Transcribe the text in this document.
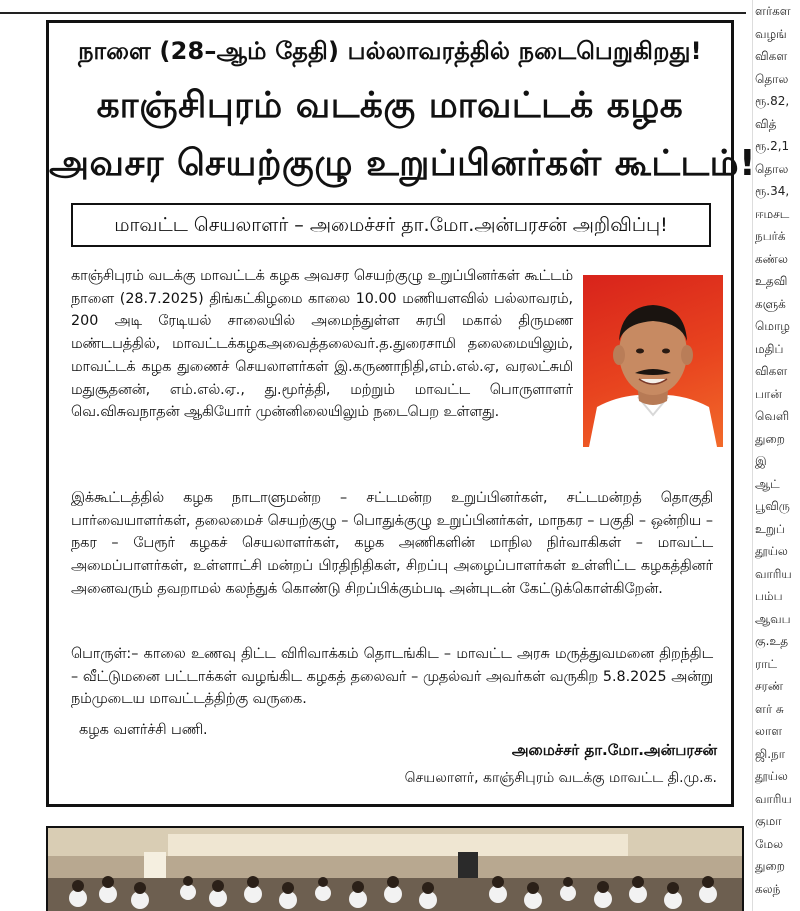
நாளை (28–ஆம் தேதி) பல்லாவரத்தில் நடைபெறுகிறது!
காஞ்சிபுரம் வடக்கு மாவட்டக் கழக
அவசர செயற்குழு உறுப்பினர்கள் கூட்டம்!
மாவட்ட செயலாளர் – அமைச்சர் தா.மோ.அன்பரசன் அறிவிப்பு!
காஞ்சிபுரம் வடக்கு மாவட்டக் கழக அவசர செயற்குழு உறுப்பினர்கள் கூட்டம் நாளை (28.7.2025) திங்கட்கிழமை காலை 10.00 மணியளவில் பல்லாவரம், 200 அடி ரேடியல் சாலையில் அமைந்துள்ள சுரபி மகால் திருமண மண்டபத்தில், மாவட்டக்கழகஅவைத்தலைவர்.த.துரைசாமி தலைமையிலும், மாவட்டக் கழக துணைச் செயலாளர்கள் இ.கருணாநிதி,எம்.எல்.ஏ, வரலட்சுமி மதுசூதனன், எம்.எல்.ஏ., து.மூர்த்தி, மற்றும் மாவட்ட பொருளாளர் வெ.விசுவநாதன் ஆகியோர் முன்னிலையிலும் நடைபெற உள்ளது.
இக்கூட்டத்தில் கழக நாடாளுமன்ற – சட்டமன்ற உறுப்பினர்கள், சட்டமன்றத் தொகுதி பார்வையாளர்கள், தலைமைச் செயற்குழு – பொதுக்குழு உறுப்பினர்கள், மாநகர – பகுதி – ஒன்றிய – நகர – பேரூர் கழகச் செயலாளர்கள், கழக அணிகளின் மாநில நிர்வாகிகள் – மாவட்ட அமைப்பாளர்கள், உள்ளாட்சி மன்றப் பிரதிநிதிகள், சிறப்பு அழைப்பாளர்கள் உள்ளிட்ட கழகத்தினர் அனைவரும் தவறாமல் கலந்துக் கொண்டு சிறப்பிக்கும்படி அன்புடன் கேட்டுக்கொள்கிறேன்.
பொருள்:– காலை உணவு திட்ட விரிவாக்கம் தொடங்கிட – மாவட்ட அரசு மருத்துவமனை திறந்திட – வீட்டுமனை பட்டாக்கள் வழங்கிட கழகத் தலைவர் – முதல்வர் அவர்கள் வருகிற 5.8.2025 அன்று நம்முடைய மாவட்டத்திற்கு வருகை.
கழக வளர்ச்சி பணி.
அமைச்சர் தா.மோ.அன்பரசன்
செயலாளர், காஞ்சிபுரம் வடக்கு மாவட்ட தி.மு.க.
ளர்கள
வழங்
விகள
தொல
ரூ.82,
வித்
ரூ.2,1
தொல
ரூ.34,
ஈமசட
நபர்க்
கண்ல
உதவி
களுக்
மொழ
மதிப்
விகள
பான்
வெளி
துறை
இ
ஆட்
பூவிரு
உறுப்
தூய்ல
வாரிய
பம்ப
ஆவப
கு.உத
ராட்
சரண்
ளர் சு
லாள
ஜி.நா
தூய்ல
வாரிய
குமா
மேல
துறை
கலந்
